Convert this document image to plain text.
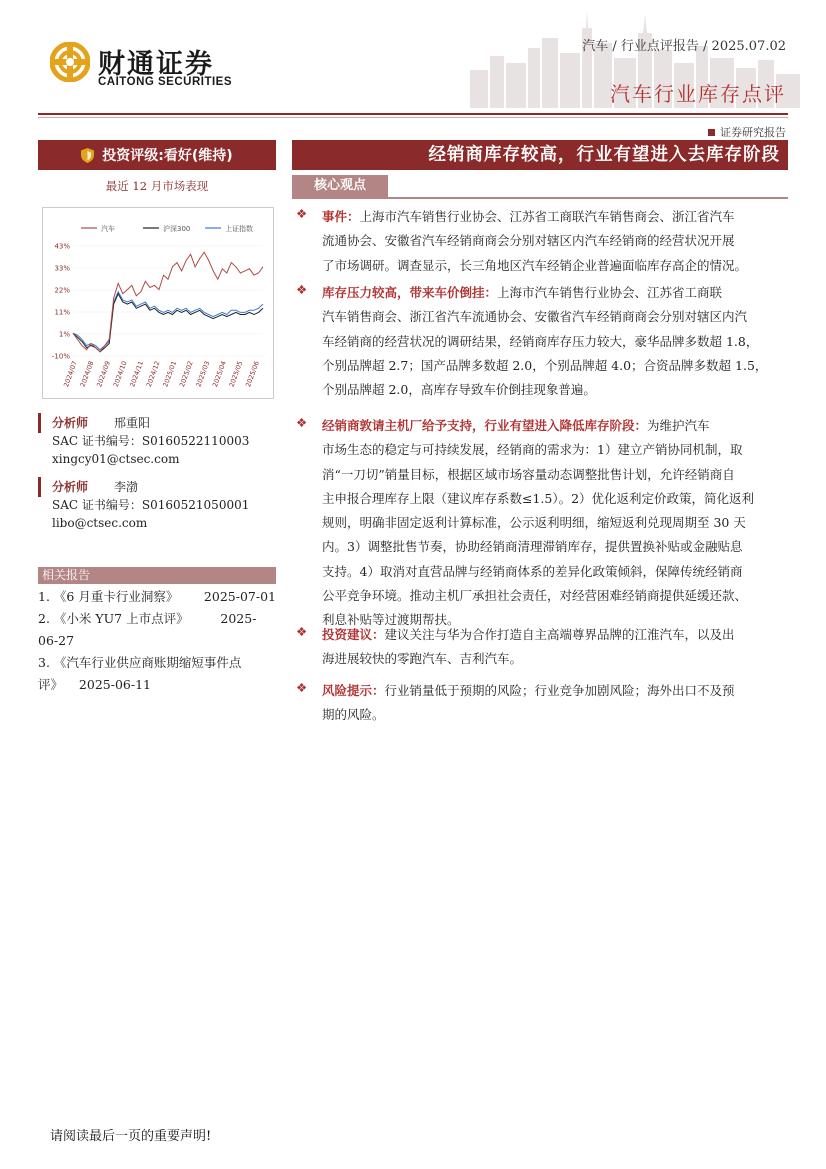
财通证券
CAITONG SECURITIES
汽车 / 行业点评报告 / 2025.07.02
汽车行业库存点评
证券研究报告
投资评级:看好(维持)
最近 12 月市场表现
汽车	沪深300	上证指数
43%
33%
22%
11%
1%
-10%
2024/07 2024/08 2024/09 2024/10 2024/11 2024/12 2025/01 2025/02 2025/03 2025/04 2025/05 2025/06
分析师 邢重阳
SAC 证书编号：S0160522110003
xingcy01@ctsec.com
分析师 李渤
SAC 证书编号：S0160521050001
libo@ctsec.com
相关报告
1. 《6 月重卡行业洞察》 2025-07-01
2. 《小米 YU7 上市点评》	2025-06-27
3. 《汽车行业供应商账期缩短事件点评》 2025-06-11
经销商库存较高，行业有望进入去库存阶段
核心观点
❖ 事件：上海市汽车销售行业协会、江苏省工商联汽车销售商会、浙江省汽车
流通协会、安徽省汽车经销商商会分别对辖区内汽车经销商的经营状况开展
了市场调研。调查显示，长三角地区汽车经销企业普遍面临库存高企的情况。
❖ 库存压力较高，带来车价倒挂：上海市汽车销售行业协会、江苏省工商联
汽车销售商会、浙江省汽车流通协会、安徽省汽车经销商商会分别对辖区内汽
车经销商的经营状况的调研结果，经销商库存压力较大，豪华品牌多数超 1.8，
个别品牌超 2.7；国产品牌多数超 2.0，个别品牌超 4.0；合资品牌多数超 1.5，
个别品牌超 2.0，高库存导致车价倒挂现象普遍。
❖ 经销商敦请主机厂给予支持，行业有望进入降低库存阶段：为维护汽车
市场生态的稳定与可持续发展，经销商的需求为：1）建立产销协同机制，取
消“一刀切”销量目标，根据区域市场容量动态调整批售计划，允许经销商自
主申报合理库存上限（建议库存系数≤1.5）。2）优化返利定价政策，简化返利
规则，明确非固定返利计算标准，公示返利明细，缩短返利兑现周期至 30 天
内。3）调整批售节奏，协助经销商清理滞销库存，提供置换补贴或金融贴息
支持。4）取消对直营品牌与经销商体系的差异化政策倾斜，保障传统经销商
公平竞争环境。推动主机厂承担社会责任，对经营困难经销商提供延缓还款、
利息补贴等过渡期帮扶。
❖ 投资建议：建议关注与华为合作打造自主高端尊界品牌的江淮汽车，以及出
海进展较快的零跑汽车、吉利汽车。
❖ 风险提示：行业销量低于预期的风险；行业竞争加剧风险；海外出口不及预
期的风险。
请阅读最后一页的重要声明!
